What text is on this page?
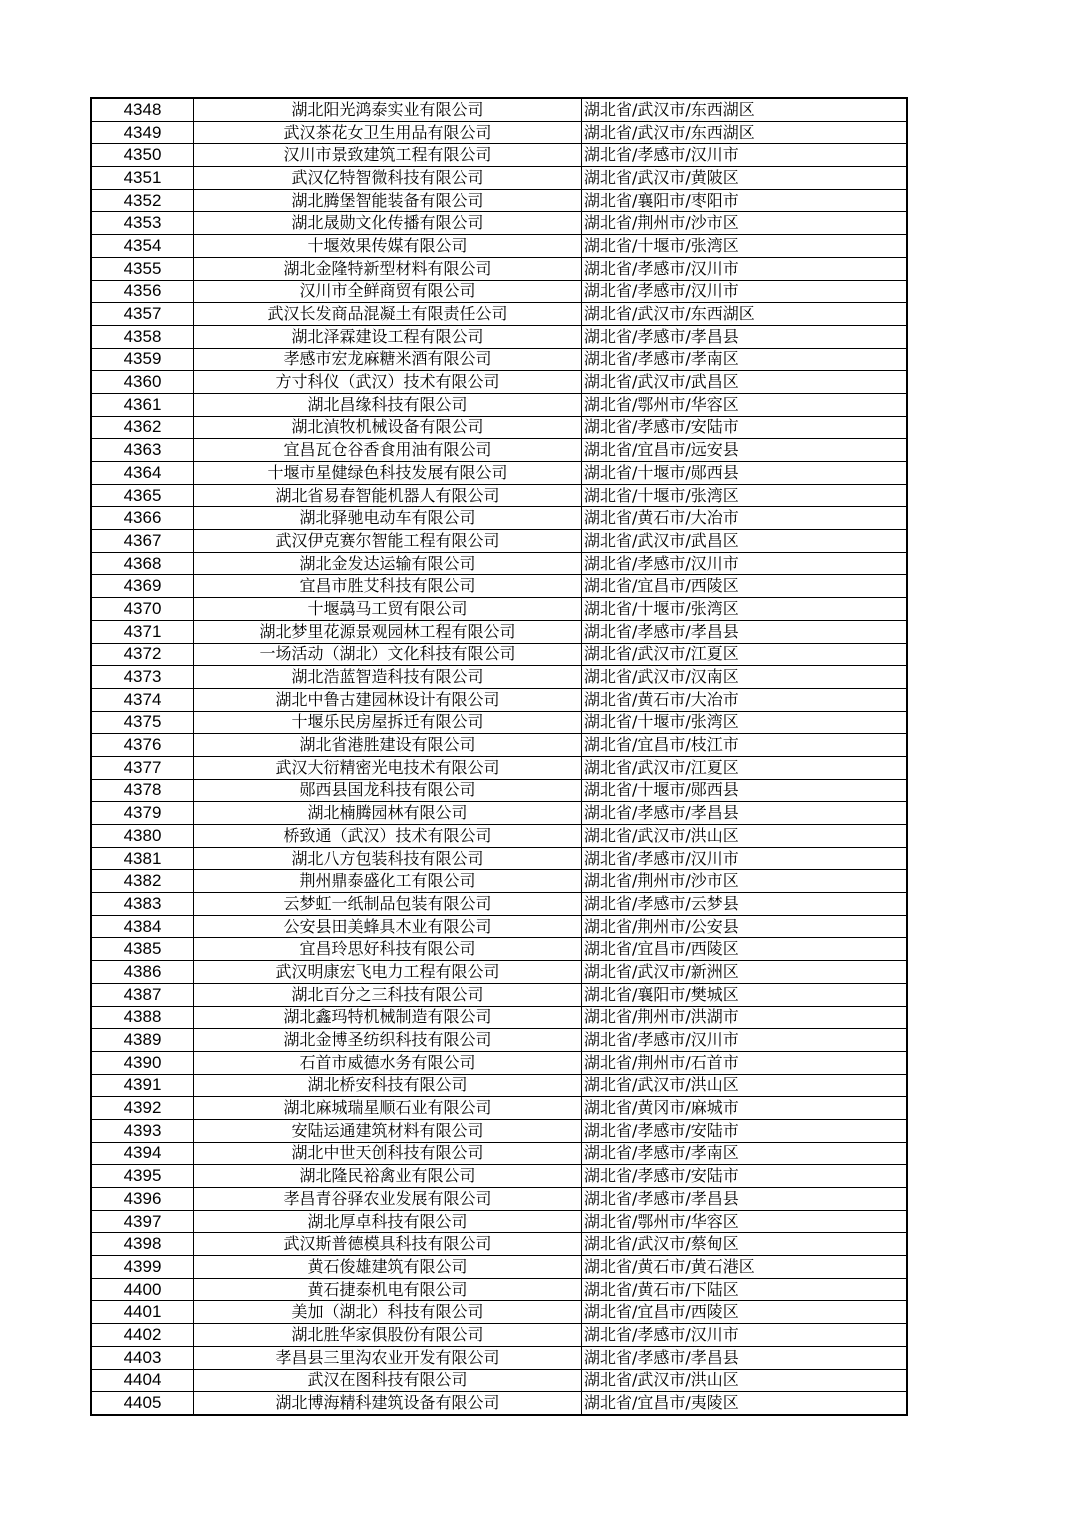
4348	湖北阳光鸿泰实业有限公司	湖北省/武汉市/东西湖区
4349	武汉茶花女卫生用品有限公司	湖北省/武汉市/东西湖区
4350	汉川市景致建筑工程有限公司	湖北省/孝感市/汉川市
4351	武汉亿特智微科技有限公司	湖北省/武汉市/黄陂区
4352	湖北腾堡智能装备有限公司	湖北省/襄阳市/枣阳市
4353	湖北晟勋文化传播有限公司	湖北省/荆州市/沙市区
4354	十堰效果传媒有限公司	湖北省/十堰市/张湾区
4355	湖北金隆特新型材料有限公司	湖北省/孝感市/汉川市
4356	汉川市全鲜商贸有限公司	湖北省/孝感市/汉川市
4357	武汉长发商品混凝土有限责任公司	湖北省/武汉市/东西湖区
4358	湖北泽霖建设工程有限公司	湖北省/孝感市/孝昌县
4359	孝感市宏龙麻糖米酒有限公司	湖北省/孝感市/孝南区
4360	方寸科仪（武汉）技术有限公司	湖北省/武汉市/武昌区
4361	湖北昌缘科技有限公司	湖北省/鄂州市/华容区
4362	湖北湞牧机械设备有限公司	湖北省/孝感市/安陆市
4363	宜昌瓦仓谷香食用油有限公司	湖北省/宜昌市/远安县
4364	十堰市星健绿色科技发展有限公司	湖北省/十堰市/郧西县
4365	湖北省易春智能机器人有限公司	湖北省/十堰市/张湾区
4366	湖北驿驰电动车有限公司	湖北省/黄石市/大冶市
4367	武汉伊克赛尔智能工程有限公司	湖北省/武汉市/武昌区
4368	湖北金发达运输有限公司	湖北省/孝感市/汉川市
4369	宜昌市胜艾科技有限公司	湖北省/宜昌市/西陵区
4370	十堰骉马工贸有限公司	湖北省/十堰市/张湾区
4371	湖北梦里花源景观园林工程有限公司	湖北省/孝感市/孝昌县
4372	一场活动（湖北）文化科技有限公司	湖北省/武汉市/江夏区
4373	湖北浩蓝智造科技有限公司	湖北省/武汉市/汉南区
4374	湖北中鲁古建园林设计有限公司	湖北省/黄石市/大冶市
4375	十堰乐民房屋拆迁有限公司	湖北省/十堰市/张湾区
4376	湖北省港胜建设有限公司	湖北省/宜昌市/枝江市
4377	武汉大衍精密光电技术有限公司	湖北省/武汉市/江夏区
4378	郧西县国龙科技有限公司	湖北省/十堰市/郧西县
4379	湖北楠腾园林有限公司	湖北省/孝感市/孝昌县
4380	桥致通（武汉）技术有限公司	湖北省/武汉市/洪山区
4381	湖北八方包装科技有限公司	湖北省/孝感市/汉川市
4382	荆州鼎泰盛化工有限公司	湖北省/荆州市/沙市区
4383	云梦虹一纸制品包装有限公司	湖北省/孝感市/云梦县
4384	公安县田美蜂具木业有限公司	湖北省/荆州市/公安县
4385	宜昌玲思好科技有限公司	湖北省/宜昌市/西陵区
4386	武汉明康宏飞电力工程有限公司	湖北省/武汉市/新洲区
4387	湖北百分之三科技有限公司	湖北省/襄阳市/樊城区
4388	湖北鑫玛特机械制造有限公司	湖北省/荆州市/洪湖市
4389	湖北金博圣纺织科技有限公司	湖北省/孝感市/汉川市
4390	石首市威德水务有限公司	湖北省/荆州市/石首市
4391	湖北桥安科技有限公司	湖北省/武汉市/洪山区
4392	湖北麻城瑞星顺石业有限公司	湖北省/黄冈市/麻城市
4393	安陆运通建筑材料有限公司	湖北省/孝感市/安陆市
4394	湖北中世天创科技有限公司	湖北省/孝感市/孝南区
4395	湖北隆民裕禽业有限公司	湖北省/孝感市/安陆市
4396	孝昌青谷驿农业发展有限公司	湖北省/孝感市/孝昌县
4397	湖北厚卓科技有限公司	湖北省/鄂州市/华容区
4398	武汉斯普德模具科技有限公司	湖北省/武汉市/蔡甸区
4399	黄石俊雄建筑有限公司	湖北省/黄石市/黄石港区
4400	黄石捷泰机电有限公司	湖北省/黄石市/下陆区
4401	美加（湖北）科技有限公司	湖北省/宜昌市/西陵区
4402	湖北胜华家俱股份有限公司	湖北省/孝感市/汉川市
4403	孝昌县三里沟农业开发有限公司	湖北省/孝感市/孝昌县
4404	武汉在图科技有限公司	湖北省/武汉市/洪山区
4405	湖北博海精科建筑设备有限公司	湖北省/宜昌市/夷陵区
